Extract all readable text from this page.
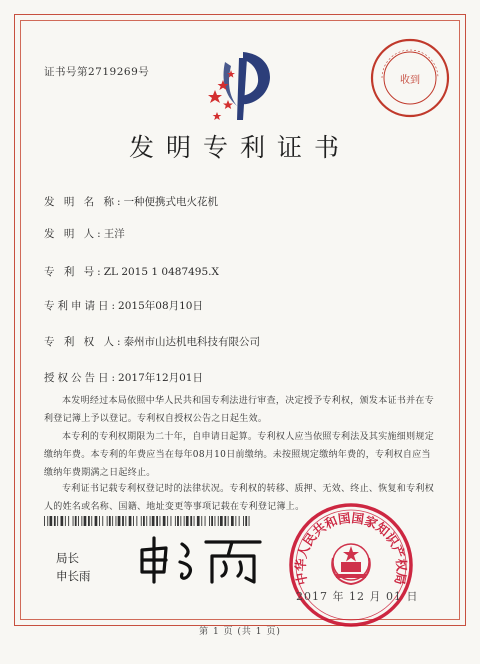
证书号第2719269号
收到
发明专利证书
发 明 名 称:一种便携式电火花机
发 明 人:王洋
专 利 号:ZL 2015 1 0487495.X
专利申请日:2015年08月10日
专 利 权 人:泰州市山达机电科技有限公司
授权公告日:2017年12月01日
本发明经过本局依照中华人民共和国专利法进行审查，决定授予专利权，颁发本证书并在专利登记簿上予以登记。专利权自授权公告之日起生效。
本专利的专利权期限为二十年，自申请日起算。专利权人应当依照专利法及其实施细则规定缴纳年费。本专利的年费应当在每年08月10日前缴纳。未按照规定缴纳年费的，专利权自应当缴纳年费期满之日起终止。
专利证书记载专利权登记时的法律状况。专利权的转移、质押、无效、终止、恢复和专利权人的姓名或名称、国籍、地址变更等事项记载在专利登记簿上。
局长
申长雨	中华人民共和国国家知识产权局
2017 年 12 月 01 日
第 1 页 (共 1 页)
